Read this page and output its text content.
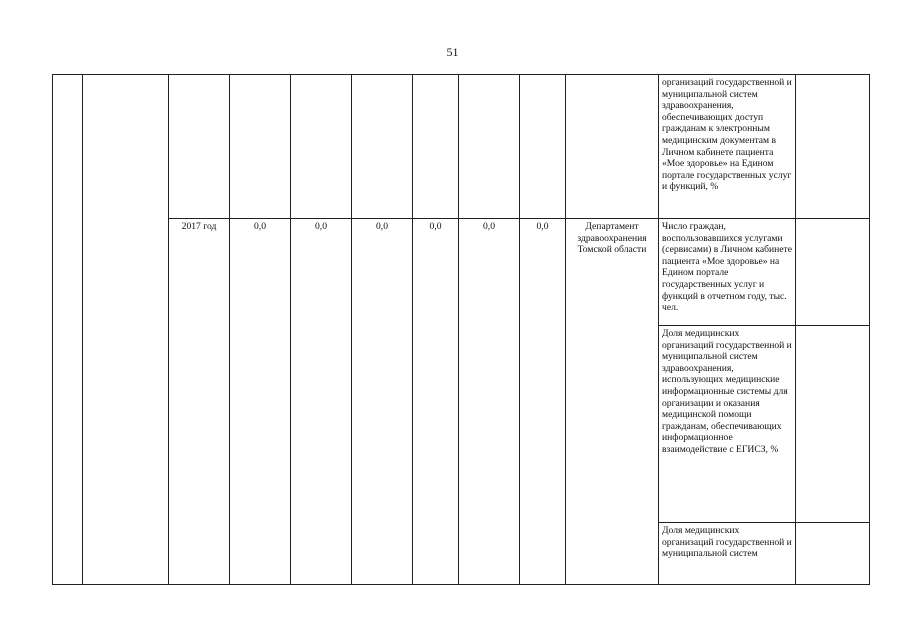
51
										организаций государственной и муниципальной систем здравоохранения, обеспечивающих доступ гражданам к электронным медицинским документам в Личном кабинете пациента «Мое здоровье» на Едином портале государственных услуг и функций, %	
		2017 год	0,0	0,0	0,0	0,0	0,0	0,0	Департамент здравоохранения Томской области	Число граждан, воспользовавшихся услугами (сервисами) в Личном кабинете пациента «Мое здоровье» на Едином портале государственных услуг и функций в отчетном году, тыс. чел.	
										Доля медицинских организаций государственной и муниципальной систем здравоохранения, использующих медицинские информационные системы для организации и оказания медицинской помощи гражданам, обеспечивающих информационное взаимодействие с ЕГИСЗ, %	
										Доля медицинских организаций государственной и муниципальной систем	
